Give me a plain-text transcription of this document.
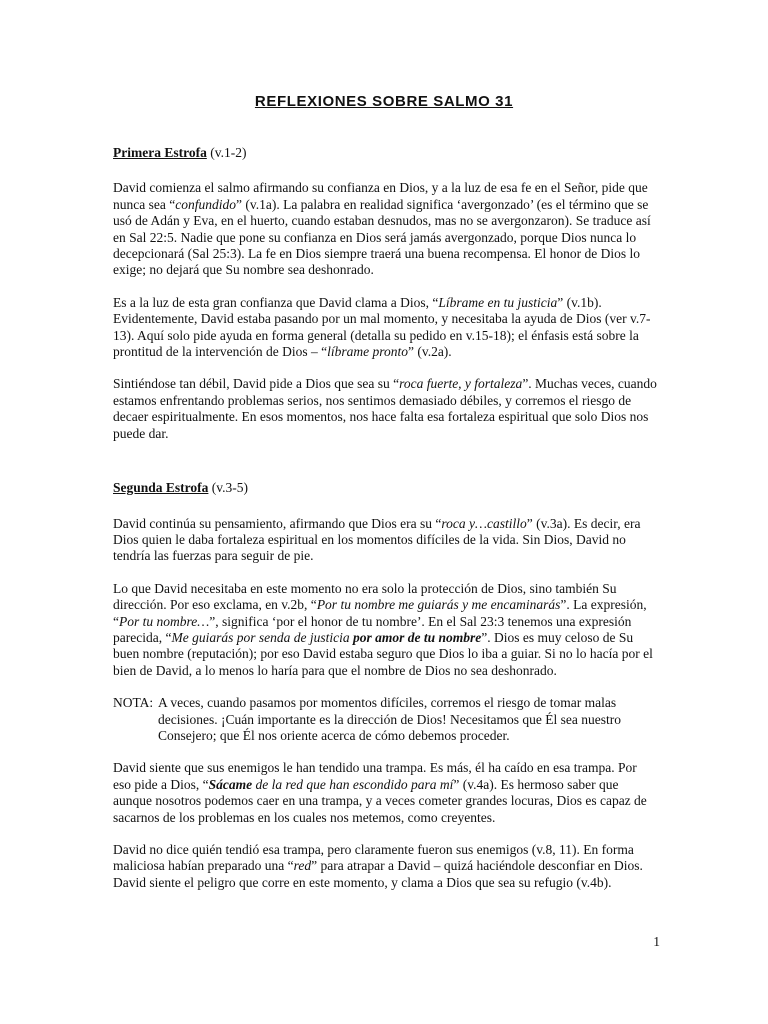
REFLEXIONES SOBRE SALMO 31
Primera Estrofa (v.1-2)

David comienza el salmo afirmando su confianza en Dios, y a la luz de esa fe en el Señor, pide que nunca sea “confundido” (v.1a). La palabra en realidad significa ‘avergonzado’ (es el término que se usó de Adán y Eva, en el huerto, cuando estaban desnudos, mas no se avergonzaron). Se traduce así en Sal 22:5. Nadie que pone su confianza en Dios será jamás avergonzado, porque Dios nunca lo decepcionará (Sal 25:3). La fe en Dios siempre traerá una buena recompensa. El honor de Dios lo exige; no dejará que Su nombre sea deshonrado.

Es a la luz de esta gran confianza que David clama a Dios, “Líbrame en tu justicia” (v.1b). Evidentemente, David estaba pasando por un mal momento, y necesitaba la ayuda de Dios (ver v.7-13). Aquí solo pide ayuda en forma general (detalla su pedido en v.15-18); el énfasis está sobre la prontitud de la intervención de Dios – “líbrame pronto” (v.2a).

Sintiéndose tan débil, David pide a Dios que sea su “roca fuerte, y fortaleza”. Muchas veces, cuando estamos enfrentando problemas serios, nos sentimos demasiado débiles, y corremos el riesgo de decaer espiritualmente. En esos momentos, nos hace falta esa fortaleza espiritual que solo Dios nos puede dar.

Segunda Estrofa (v.3-5)

David continúa su pensamiento, afirmando que Dios era su “roca y…castillo” (v.3a). Es decir, era Dios quien le daba fortaleza espiritual en los momentos difíciles de la vida. Sin Dios, David no tendría las fuerzas para seguir de pie.

Lo que David necesitaba en este momento no era solo la protección de Dios, sino también Su dirección. Por eso exclama, en v.2b, “Por tu nombre me guiarás y me encaminarás”. La expresión, “Por tu nombre…”, significa ‘por el honor de tu nombre’. En el Sal 23:3 tenemos una expresión parecida, “Me guiarás por senda de justicia por amor de tu nombre”. Dios es muy celoso de Su buen nombre (reputación); por eso David estaba seguro que Dios lo iba a guiar. Si no lo hacía por el bien de David, a lo menos lo haría para que el nombre de Dios no sea deshonrado.

NOTA: A veces, cuando pasamos por momentos difíciles, corremos el riesgo de tomar malas decisiones. ¡Cuán importante es la dirección de Dios! Necesitamos que Él sea nuestro Consejero; que Él nos oriente acerca de cómo debemos proceder.

David siente que sus enemigos le han tendido una trampa. Es más, él ha caído en esa trampa. Por eso pide a Dios, “Sácame de la red que han escondido para mí” (v.4a). Es hermoso saber que aunque nosotros podemos caer en una trampa, y a veces cometer grandes locuras, Dios es capaz de sacarnos de los problemas en los cuales nos metemos, como creyentes.

David no dice quién tendió esa trampa, pero claramente fueron sus enemigos (v.8, 11). En forma maliciosa habían preparado una “red” para atrapar a David – quizá haciéndole desconfiar en Dios. David siente el peligro que corre en este momento, y clama a Dios que sea su refugio (v.4b).

1
